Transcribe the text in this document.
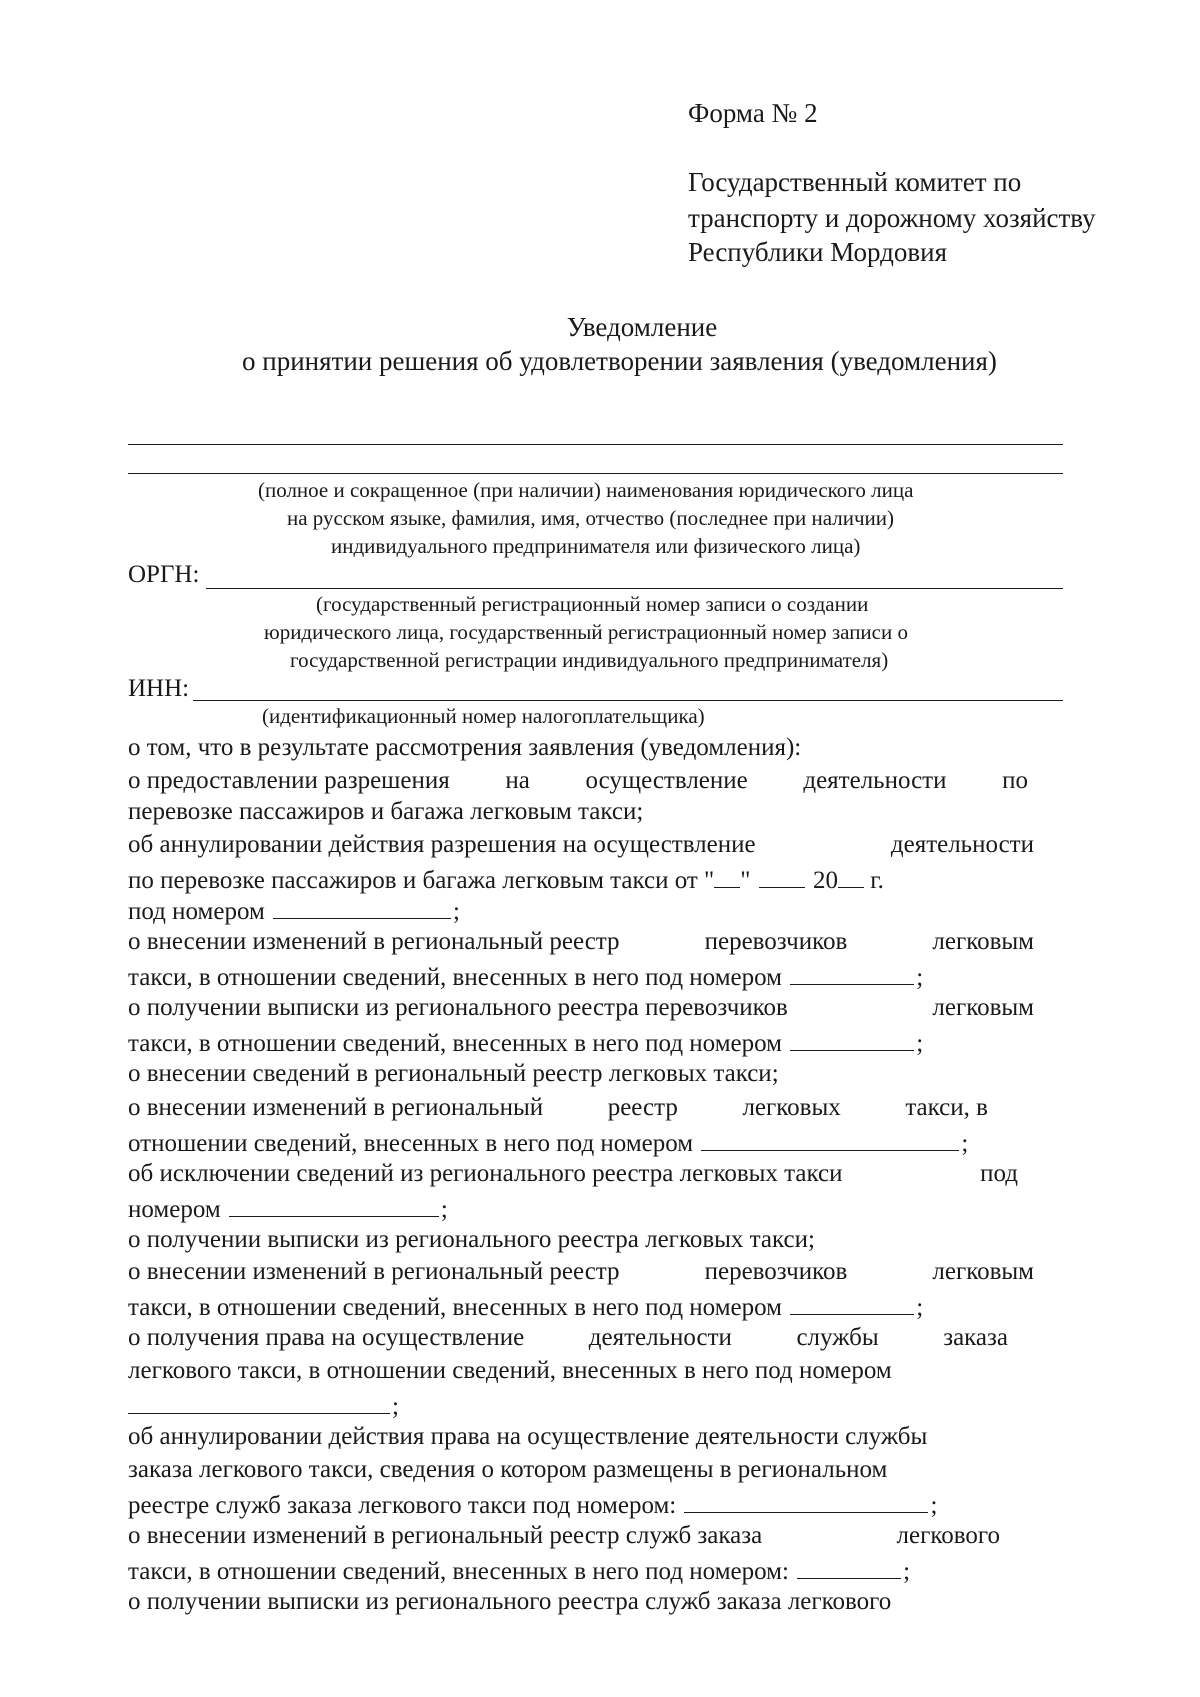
Форма № 2

Государственный комитет по

транспорту и дорожному хозяйству

Республики Мордовия

Уведомление

о принятии решения об удовлетворении заявления (уведомления)

(полное и сокращенное (при наличии) наименования юридического лица

на русском языке, фамилия, имя, отчество (последнее при наличии)

индивидуального предпринимателя или физического лица)

ОРГН:

(государственный регистрационный номер записи о создании

юридического лица, государственный регистрационный номер записи о

государственной регистрации индивидуального предпринимателя)

ИНН:

(идентификационный номер налогоплательщика)

о том, что в результате рассмотрения заявления (уведомления):

о предоставлении разрешения на осуществление деятельности по

перевозке пассажиров и багажа легковым такси;

об аннулировании действия разрешения на осуществление	деятельности

по перевозке пассажиров и багажа легковым такси от " "	20 г.

под номером	;

о внесении изменений в региональный реестр	перевозчиков	легковым

такси, в отношении сведений, внесенных в него под номером	;

о получении выписки из регионального реестра перевозчиков	легковым

такси, в отношении сведений, внесенных в него под номером	;

о внесении сведений в региональный реестр легковых такси;

о внесении изменений в региональный	реестр	легковых	такси, в

отношении сведений, внесенных в него под номером	;

об исключении сведений из регионального реестра легковых такси	под

номером	;

о получении выписки из регионального реестра легковых такси;

о внесении изменений в региональный реестр	перевозчиков	легковым

такси, в отношении сведений, внесенных в него под номером	;

о получения права на осуществление	деятельности	службы	заказа

легкового такси, в отношении сведений, внесенных в него под номером

;

об аннулировании действия права на осуществление деятельности службы

заказа легкового такси, сведения о котором размещены в региональном

реестре служб заказа легкового такси под номером:	;

о внесении изменений в региональный реестр служб заказа	легкового

такси, в отношении сведений, внесенных в него под номером:	;

о получении выписки из регионального реестра служб заказа легкового
